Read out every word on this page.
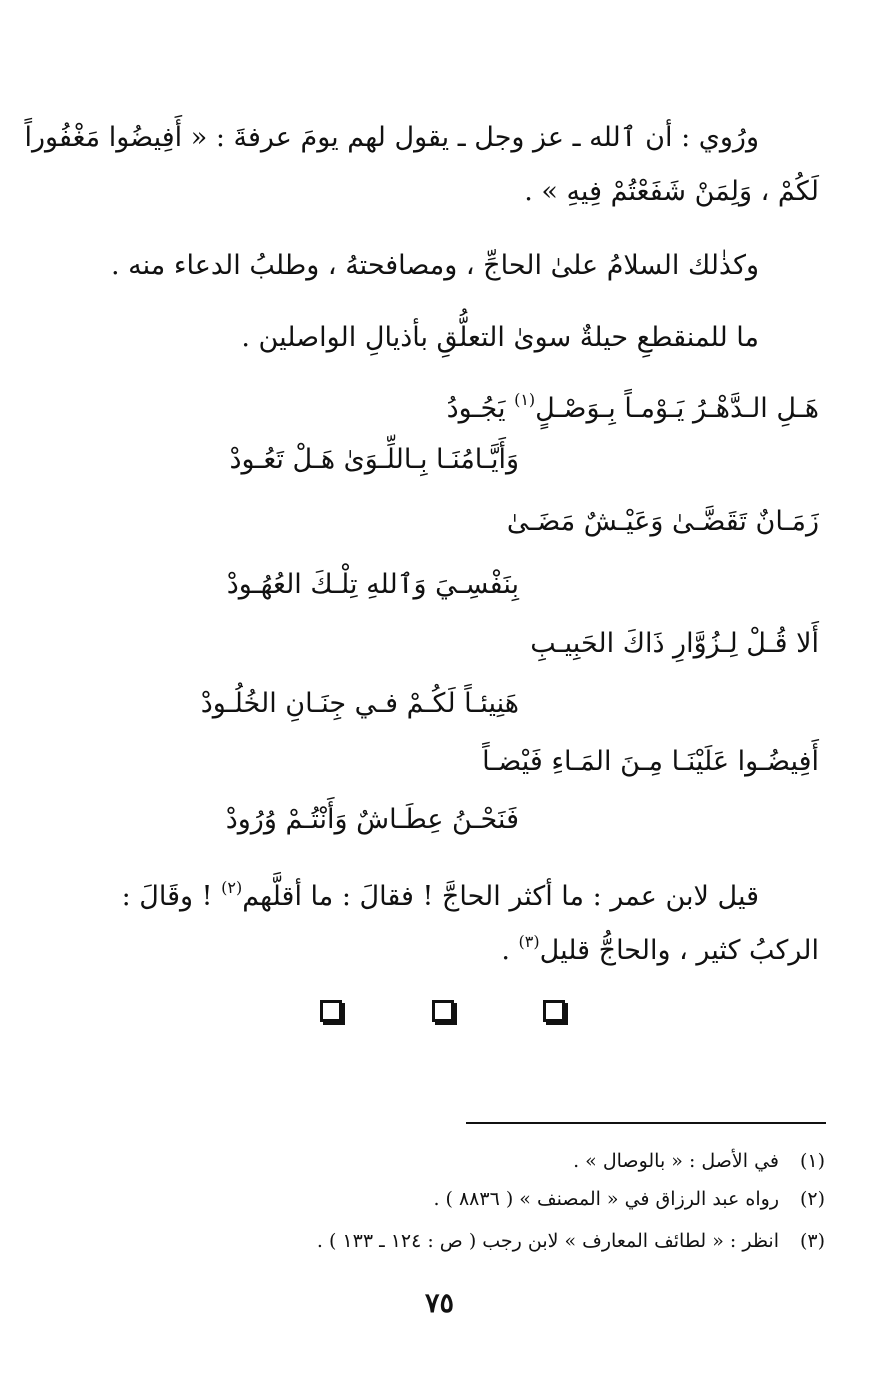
ورُوي : أن ٱلله ـ عز وجل ـ يقول لهم يومَ عرفةَ : « أَفِيضُوا مَغْفُوراً
لَكُمْ ، وَلِمَنْ شَفَعْتُمْ فِيهِ » .
وكذٰلك السلامُ علىٰ الحاجِّ ، ومصافحتهُ ، وطلبُ الدعاء منه .
ما للمنقطعِ حيلةٌ سوىٰ التعلُّقِ بأذيالِ الواصلين .
هَـلِ الـدَّهْـرُ يَـوْمـاً بِـوَصْـلٍ$^{(١)}$ يَجُـودُ
وَأَيَّـامُنَـا بِـاللِّـوَىٰ هَـلْ تَعُـودْ
زَمَـانٌ تَقَضَّـىٰ وَعَيْـشٌ مَضَـىٰ
بِنَفْسِـيَ وَٱللهِ تِلْـكَ العُهُـودْ
أَلا قُـلْ لِـزُوَّارِ ذَاكَ الحَبِيـبِ
هَنِيئـاً لَكُـمْ فـي جِنَـانِ الخُلُـودْ
أَفِيضُـوا عَلَيْنَـا مِـنَ المَـاءِ فَيْضـاً
فَنَحْـنُ عِطَـاشٌ وَأَنْتُـمْ وُرُودْ
قيل لابن عمر : ما أكثر الحاجَّ ! فقالَ : ما أقلَّهم$^{(٢)}$ ! وقَالَ :
الركبُ كثير ، والحاجُّ قليل$^{(٣)}$ .
(١)في الأصل : « بالوصال » .
(٢)رواه عبد الرزاق في « المصنف » ( ٨٨٣٦ ) .
(٣)انظر : « لطائف المعارف » لابن رجب ( ص : ١٢٤ ـ ١٣٣ ) .
٧٥
